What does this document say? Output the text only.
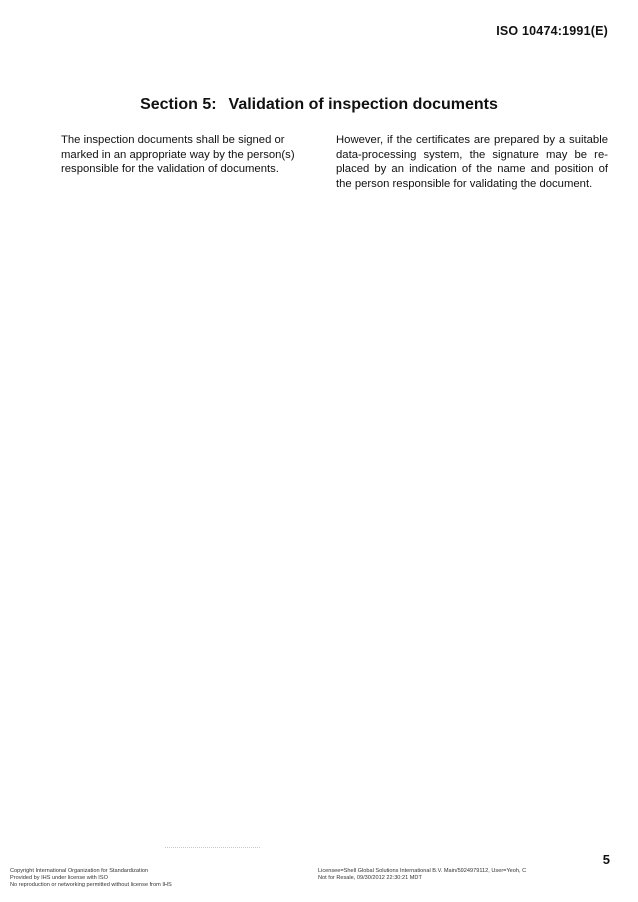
ISO 10474:1991(E)
Section 5: Validation of inspection documents

The inspection documents shall be signed or marked in an appropriate way by the person(s) responsible for the validation of documents.

However, if the certificates are prepared by a suitable data-processing system, the signature may be re-placed by an indication of the name and position of the person responsible for validating the document.

5
Copyright International Organization for Standardization
Provided by IHS under license with ISO
No reproduction or networking permitted without license from IHS
Licensee=Shell Global Solutions International B.V. Main/5924979112, User=Yeoh, C
Not for Resale, 09/30/2012 22:30:21 MDT
